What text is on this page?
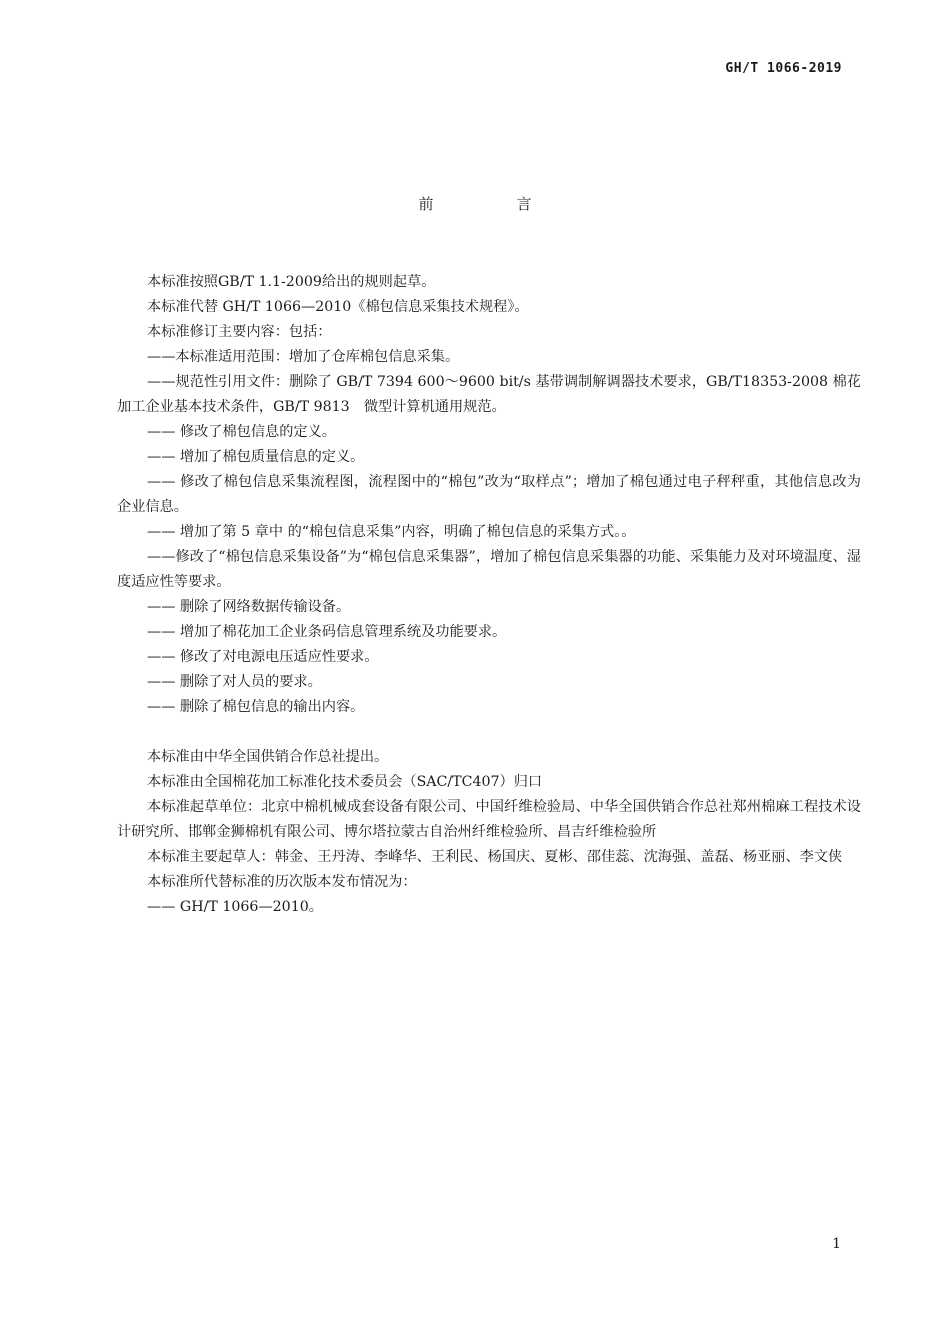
GH/T 1066-2019
前　言

本标准按照GB/T 1.1-2009给出的规则起草。

本标准代替 GH/T 1066—2010《棉包信息采集技术规程》。

本标准修订主要内容：包括：

——本标准适用范围：增加了仓库棉包信息采集。

——规范性引用文件：删除了 GB/T 7394 600～9600 bit/s 基带调制解调器技术要求，GB/T18353-2008 棉花加工企业基本技术条件，GB/T 9813　微型计算机通用规范。

—— 修改了棉包信息的定义。

—— 增加了棉包质量信息的定义。

—— 修改了棉包信息采集流程图，流程图中的“棉包”改为“取样点”；增加了棉包通过电子秤秤重，其他信息改为企业信息。

—— 增加了第 5 章中 的“棉包信息采集”内容，明确了棉包信息的采集方式。。

——修改了“棉包信息采集设备”为“棉包信息采集器”，增加了棉包信息采集器的功能、采集能力及对环境温度、湿度适应性等要求。

—— 删除了网络数据传输设备。

—— 增加了棉花加工企业条码信息管理系统及功能要求。

—— 修改了对电源电压适应性要求。

—— 删除了对人员的要求。

—— 删除了棉包信息的输出内容。

本标准由中华全国供销合作总社提出。

本标准由全国棉花加工标准化技术委员会（SAC/TC407）归口

本标准起草单位：北京中棉机械成套设备有限公司、中国纤维检验局、中华全国供销合作总社郑州棉麻工程技术设计研究所、邯郸金狮棉机有限公司、博尔塔拉蒙古自治州纤维检验所、昌吉纤维检验所

本标准主要起草人：韩金、王丹涛、李峰华、王利民、杨国庆、夏彬、邵佳蕊、沈海强、盖磊、杨亚丽、李文侠

本标准所代替标准的历次版本发布情况为：

—— GH/T 1066—2010。

1
